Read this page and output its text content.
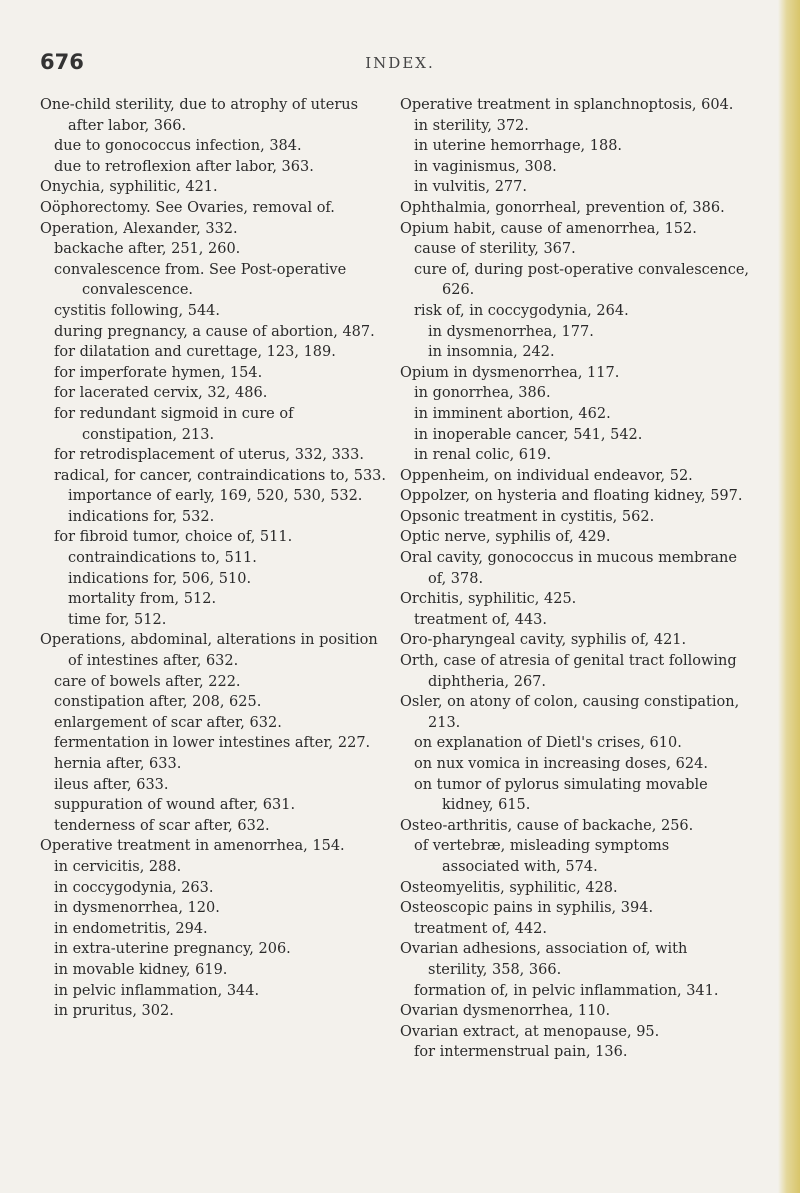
676	INDEX.
One-child sterility, due to atrophy of uterus after labor, 366.
due to gonococcus infection, 384.
due to retroflexion after labor, 363.
Onychia, syphilitic, 421.
Oöphorectomy. See Ovaries, removal of.
Operation, Alexander, 332.
backache after, 251, 260.
convalescence from. See Post-operative convalescence.
cystitis following, 544.
during pregnancy, a cause of abortion, 487.
for dilatation and curettage, 123, 189.
for imperforate hymen, 154.
for lacerated cervix, 32, 486.
for redundant sigmoid in cure of constipation, 213.
for retrodisplacement of uterus, 332, 333.
radical, for cancer, contraindications to, 533.
importance of early, 169, 520, 530, 532.
indications for, 532.
for fibroid tumor, choice of, 511.
contraindications to, 511.
indications for, 506, 510.
mortality from, 512.
time for, 512.
Operations, abdominal, alterations in position of intestines after, 632.
care of bowels after, 222.
constipation after, 208, 625.
enlargement of scar after, 632.
fermentation in lower intestines after, 227.
hernia after, 633.
ileus after, 633.
suppuration of wound after, 631.
tenderness of scar after, 632.
Operative treatment in amenorrhea, 154.
in cervicitis, 288.
in coccygodynia, 263.
in dysmenorrhea, 120.
in endometritis, 294.
in extra-uterine pregnancy, 206.
in movable kidney, 619.
in pelvic inflammation, 344.
in pruritus, 302.
Operative treatment in splanchnoptosis, 604.
in sterility, 372.
in uterine hemorrhage, 188.
in vaginismus, 308.
in vulvitis, 277.
Ophthalmia, gonorrheal, prevention of, 386.
Opium habit, cause of amenorrhea, 152.
cause of sterility, 367.
cure of, during post-operative convalescence, 626.
risk of, in coccygodynia, 264.
in dysmenorrhea, 177.
in insomnia, 242.
Opium in dysmenorrhea, 117.
in gonorrhea, 386.
in imminent abortion, 462.
in inoperable cancer, 541, 542.
in renal colic, 619.
Oppenheim, on individual endeavor, 52.
Oppolzer, on hysteria and floating kidney, 597.
Opsonic treatment in cystitis, 562.
Optic nerve, syphilis of, 429.
Oral cavity, gonococcus in mucous membrane of, 378.
Orchitis, syphilitic, 425.
treatment of, 443.
Oro-pharyngeal cavity, syphilis of, 421.
Orth, case of atresia of genital tract following diphtheria, 267.
Osler, on atony of colon, causing constipation, 213.
on explanation of Dietl's crises, 610.
on nux vomica in increasing doses, 624.
on tumor of pylorus simulating movable kidney, 615.
Osteo-arthritis, cause of backache, 256.
of vertebræ, misleading symptoms associated with, 574.
Osteomyelitis, syphilitic, 428.
Osteoscopic pains in syphilis, 394.
treatment of, 442.
Ovarian adhesions, association of, with sterility, 358, 366.
formation of, in pelvic inflammation, 341.
Ovarian dysmenorrhea, 110.
Ovarian extract, at menopause, 95.
for intermenstrual pain, 136.
